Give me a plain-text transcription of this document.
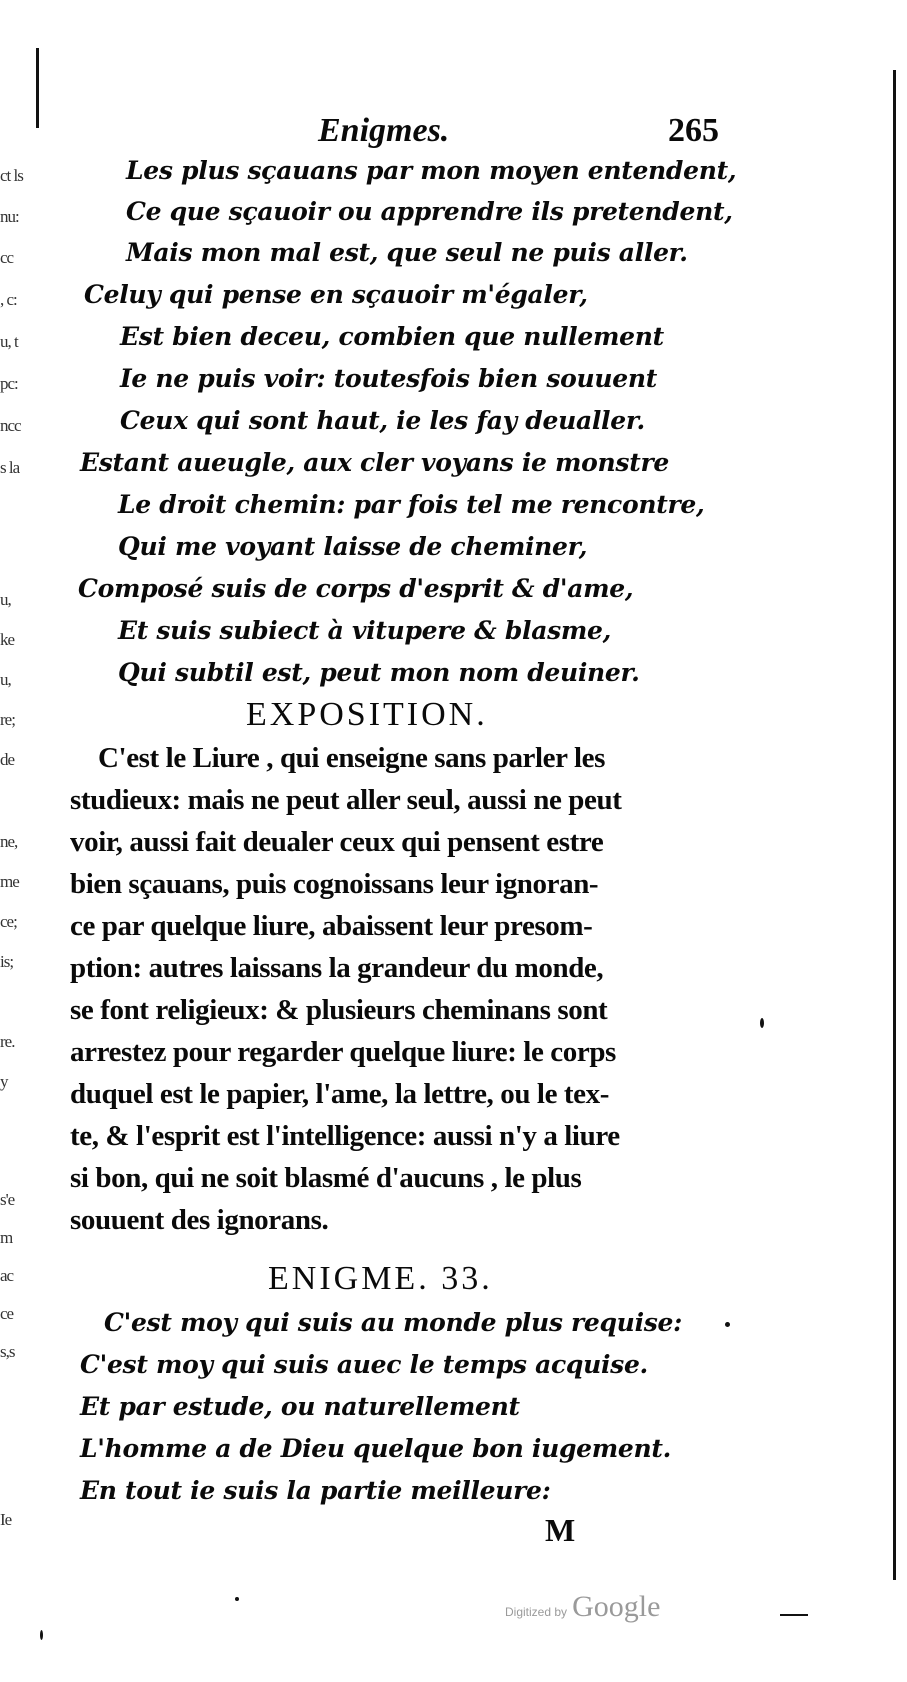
ct ls
nu:
cc
, c:
u, t
pc:
ncc
s la
u,
ke
u,
re;
de
ne,
me
ce;
is;
re.
y
s'e
m
ac
ce
s,s
Ie
Enigmes.	265
Les plus sçauans par mon moyen entendent,
Ce que sçauoir ou apprendre ils pretendent,
Mais mon mal est, que seul ne puis aller.
Celuy qui pense en sçauoir m'égaler,
Est bien deceu, combien que nullement
Ie ne puis voir: toutesfois bien souuent
Ceux qui sont haut, ie les fay deualler.
Estant aueugle, aux cler voyans ie monstre
Le droit chemin: par fois tel me rencontre,
Qui me voyant laisse de cheminer,
Composé suis de corps d'esprit & d'ame,
Et suis subiect à vitupere & blasme,
Qui subtil est, peut mon nom deuiner.
EXPOSITION.
C'est le Liure , qui enseigne sans parler les
studieux: mais ne peut aller seul, aussi ne peut
voir, aussi fait deualer ceux qui pensent estre
bien sçauans, puis cognoissans leur ignoran-
ce par quelque liure, abaissent leur presom-
ption: autres laissans la grandeur du monde,
se font religieux: & plusieurs cheminans sont
arrestez pour regarder quelque liure: le corps
duquel est le papier, l'ame, la lettre, ou le tex-
te, & l'esprit est l'intelligence: aussi n'y a liure
si bon, qui ne soit blasmé d'aucuns , le plus
souuent des ignorans.
ENIGME. 33.
C'est moy qui suis au monde plus requise:
C'est moy qui suis auec le temps acquise.
Et par estude, ou naturellement
L'homme a de Dieu quelque bon iugement.
En tout ie suis la partie meilleure:
M
Digitized by Google
